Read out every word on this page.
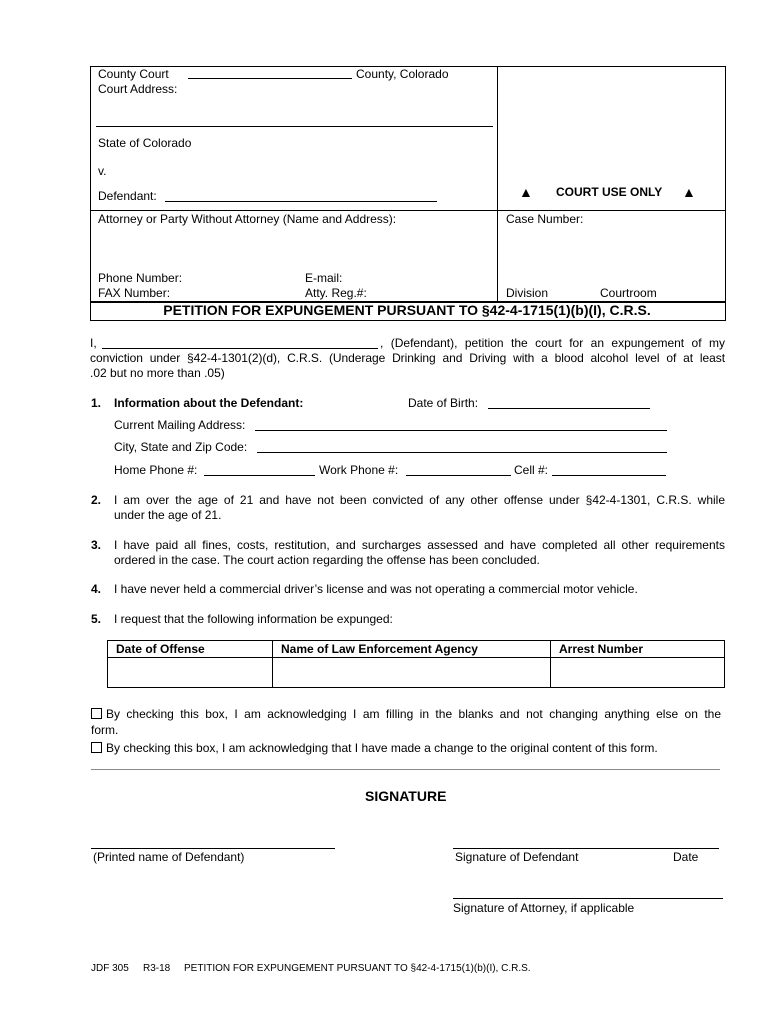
County Court	County, Colorado
Court Address:
State of Colorado
v.
Defendant:	▲ COURT USE ONLY ▲
Attorney or Party Without Attorney (Name and Address):	Case Number:
Phone Number:
FAX Number:
E-mail:
Atty. Reg.#:	Division	Courtroom
PETITION FOR EXPUNGEMENT PURSUANT TO §42-4-1715(1)(b)(I), C.R.S.
I,	, (Defendant), petition the court for an expungement of my
conviction under §42-4-1301(2)(d), C.R.S. (Underage Drinking and Driving with a blood alcohol level of at least
.02 but no more than .05)
1. Information about the Defendant:	Date of Birth:
Current Mailing Address:
City, State and Zip Code:
Home Phone #:	Work Phone #:	Cell #:
2. I am over the age of 21 and have not been convicted of any other offense under §42-4-1301, C.R.S. while
under the age of 21.
3. I have paid all fines, costs, restitution, and surcharges assessed and have completed all other requirements
ordered in the case. The court action regarding the offense has been concluded.
4. I have never held a commercial driver’s license and was not operating a commercial motor vehicle.
5. I request that the following information be expunged:
Date of Offense	Name of Law Enforcement Agency	Arrest Number

By checking this box, I am acknowledging I am filling in the blanks and not changing anything else on the
form.
By checking this box, I am acknowledging that I have made a change to the original content of this form.
SIGNATURE
(Printed name of Defendant)	Signature of Defendant	Date
Signature of Attorney, if applicable
JDF 305 R3-18 PETITION FOR EXPUNGEMENT PURSUANT TO §42-4-1715(1)(b)(I), C.R.S.
